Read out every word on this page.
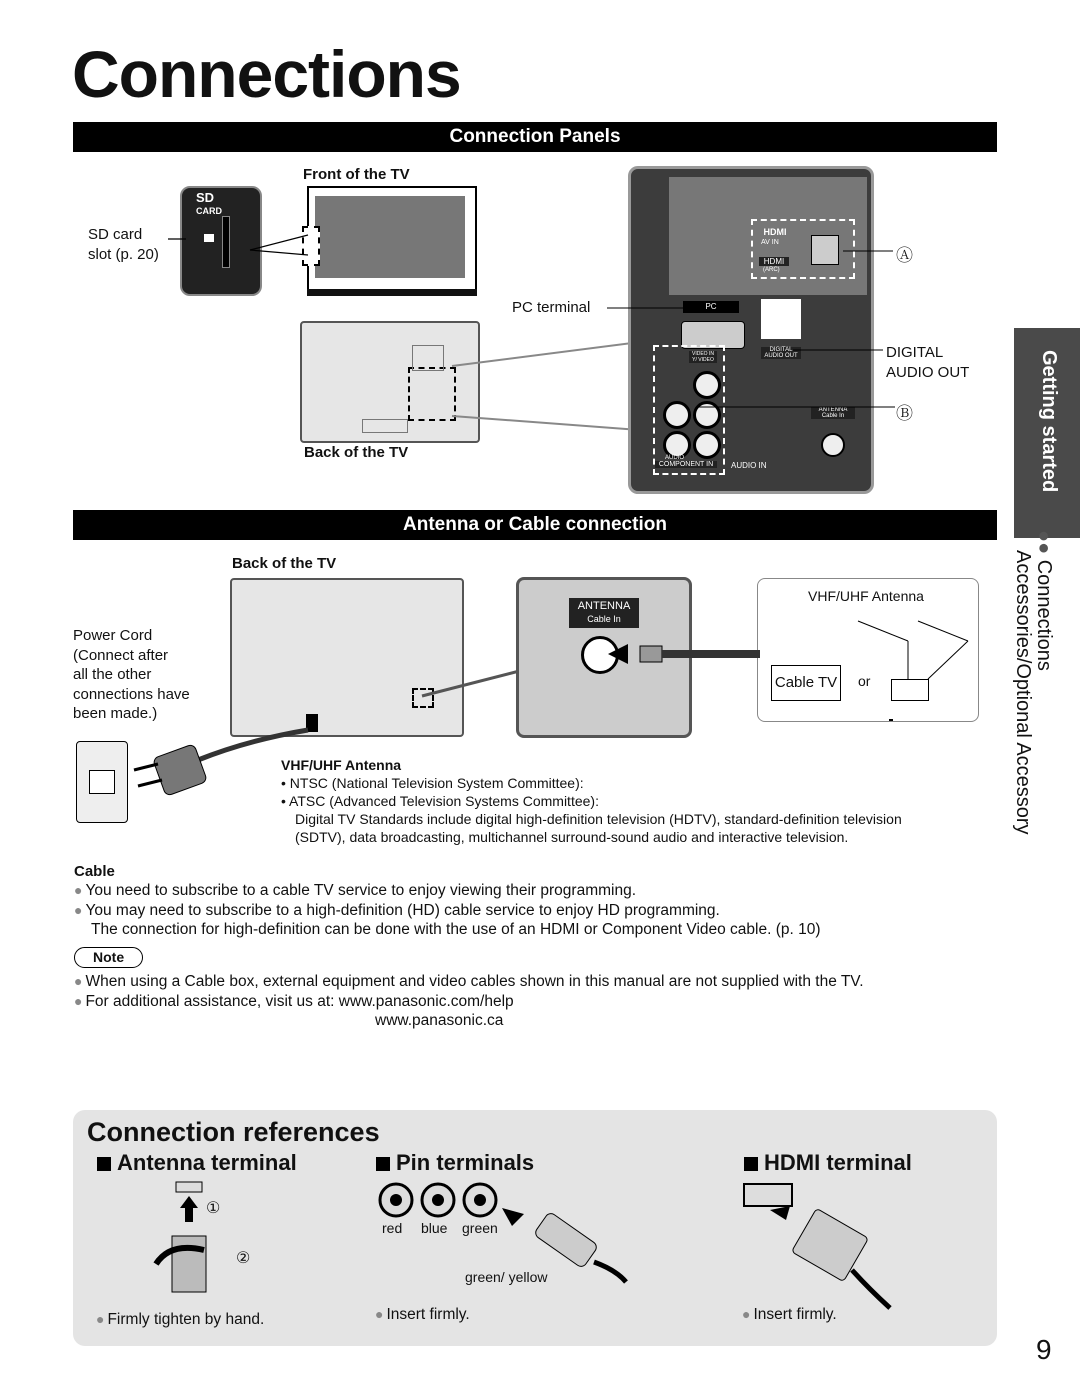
Connections
Connection Panels
Front of the TV
SD
CARD
SD card
slot (p. 20)
Back of the TV
HDMI
AV IN
HDMI
(ARC)
PC
DIGITAL
AUDIO OUT
VIDEO IN
Y/ VIDEO
AUDIO
COMPONENT IN	AUDIO IN
ANTENNA
Cable In
PC terminal
Ⓐ
DIGITAL
AUDIO OUT
Ⓑ
Antenna or Cable connection
Back of the TV
Power Cord
(Connect after
all the other
connections have
been made.)
ANTENNA
Cable In
VHF/UHF Antenna
Cable TV or
VHF/UHF Antenna
• NTSC (National Television System Committee):
• ATSC (Advanced Television Systems Committee):
Digital TV Standards include digital high-definition television (HDTV), standard-definition television
(SDTV), data broadcasting, multichannel surround-sound audio and interactive television.
Cable
● You need to subscribe to a cable TV service to enjoy viewing their programming.
● You may need to subscribe to a high-definition (HD) cable service to enjoy HD programming.
The connection for high-definition can be done with the use of an HDMI or Component Video cable. (p. 10)
Note
● When using a Cable box, external equipment and video cables shown in this manual are not supplied with the TV.
● For additional assistance, visit us at: www.panasonic.com/help
www.panasonic.ca
Getting started
●● Connections
Accessories/Optional Accessory
Connection references
Antenna terminal	Pin terminals	HDMI terminal
①
②
● Firmly tighten by hand.
red blue green
green/ yellow
● Insert firmly.
●	Insert firmly.
9
